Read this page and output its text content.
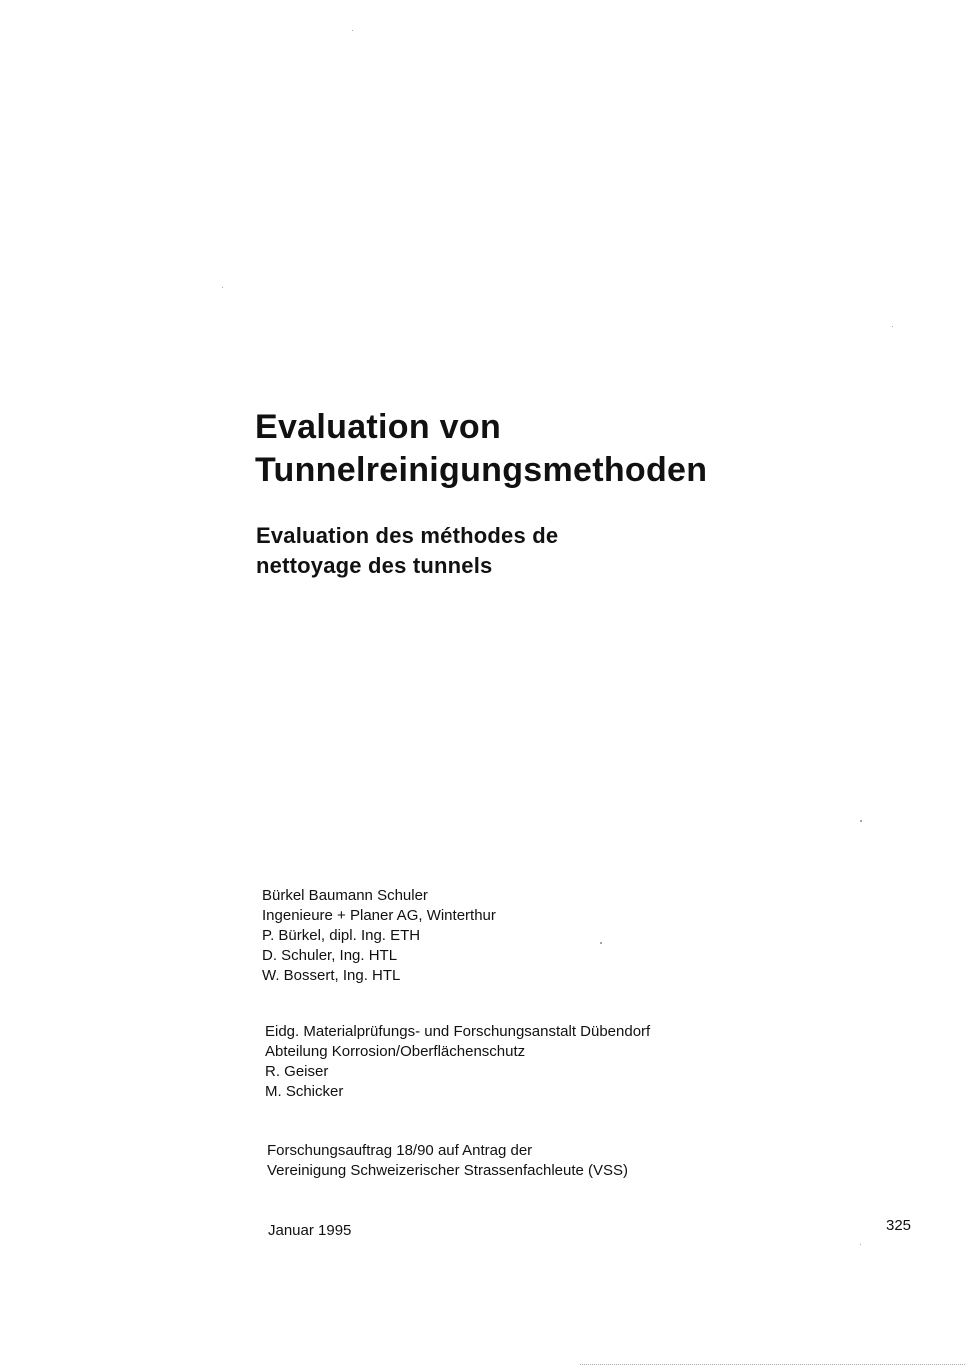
Evaluation von
Tunnelreinigungsmethoden
Evaluation des méthodes de
nettoyage des tunnels
Bürkel Baumann Schuler
Ingenieure + Planer AG, Winterthur
P. Bürkel, dipl. Ing. ETH
D. Schuler, Ing. HTL
W. Bossert, Ing. HTL
Eidg. Materialprüfungs- und Forschungsanstalt Dübendorf
Abteilung Korrosion/Oberflächenschutz
R. Geiser
M. Schicker
Forschungsauftrag 18/90 auf Antrag der
Vereinigung Schweizerischer Strassenfachleute (VSS)
Januar 1995	325
